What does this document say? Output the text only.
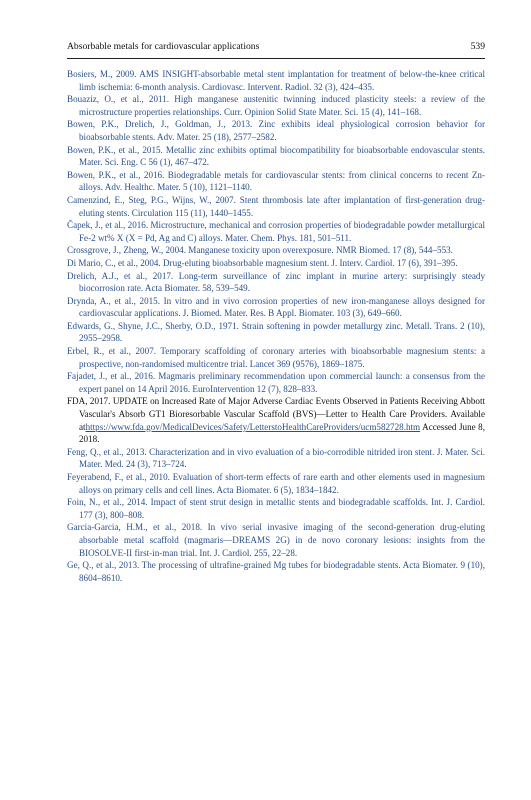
Absorbable metals for cardiovascular applications	539
Bosiers, M., 2009. AMS INSIGHT-absorbable metal stent implantation for treatment of below-the-knee critical limb ischemia: 6-month analysis. Cardiovasc. Intervent. Radiol. 32 (3), 424–435.
Bouaziz, O., et al., 2011. High manganese austenitic twinning induced plasticity steels: a review of the microstructure properties relationships. Curr. Opinion Solid State Mater. Sci. 15 (4), 141–168.
Bowen, P.K., Drelich, J., Goldman, J., 2013. Zinc exhibits ideal physiological corrosion behavior for bioabsorbable stents. Adv. Mater. 25 (18), 2577–2582.
Bowen, P.K., et al., 2015. Metallic zinc exhibits optimal biocompatibility for bioabsorbable endovascular stents. Mater. Sci. Eng. C 56 (1), 467–472.
Bowen, P.K., et al., 2016. Biodegradable metals for cardiovascular stents: from clinical concerns to recent Zn-alloys. Adv. Healthc. Mater. 5 (10), 1121–1140.
Camenzind, E., Steg, P.G., Wijns, W., 2007. Stent thrombosis late after implantation of first-generation drug-eluting stents. Circulation 115 (11), 1440–1455.
Čapek, J., et al., 2016. Microstructure, mechanical and corrosion properties of biodegradable powder metallurgical Fe-2 wt% X (X = Pd, Ag and C) alloys. Mater. Chem. Phys. 181, 501–511.
Crossgrove, J., Zheng, W., 2004. Manganese toxicity upon overexposure. NMR Biomed. 17 (8), 544–553.
Di Mario, C., et al., 2004. Drug-eluting bioabsorbable magnesium stent. J. Interv. Cardiol. 17 (6), 391–395.
Drelich, A.J., et al., 2017. Long-term surveillance of zinc implant in murine artery: surprisingly steady biocorrosion rate. Acta Biomater. 58, 539–549.
Drynda, A., et al., 2015. In vitro and in vivo corrosion properties of new iron-manganese alloys designed for cardiovascular applications. J. Biomed. Mater. Res. B Appl. Biomater. 103 (3), 649–660.
Edwards, G., Shyne, J.C., Sherby, O.D., 1971. Strain softening in powder metallurgy zinc. Metall. Trans. 2 (10), 2955–2958.
Erbel, R., et al., 2007. Temporary scaffolding of coronary arteries with bioabsorbable magnesium stents: a prospective, non-randomised multicentre trial. Lancet 369 (9576), 1869–1875.
Fajadet, J., et al., 2016. Magmaris preliminary recommendation upon commercial launch: a consensus from the expert panel on 14 April 2016. EuroIntervention 12 (7), 828–833.
FDA, 2017. UPDATE on Increased Rate of Major Adverse Cardiac Events Observed in Patients Receiving Abbott Vascular's Absorb GT1 Bioresorbable Vascular Scaffold (BVS)—Letter to Health Care Providers. Available athttps://www.fda.gov/MedicalDevices/Safety/LetterstoHealthCareProviders/ucm582728.htm Accessed June 8, 2018.
Feng, Q., et al., 2013. Characterization and in vivo evaluation of a bio-corrodible nitrided iron stent. J. Mater. Sci. Mater. Med. 24 (3), 713–724.
Feyerabend, F., et al., 2010. Evaluation of short-term effects of rare earth and other elements used in magnesium alloys on primary cells and cell lines. Acta Biomater. 6 (5), 1834–1842.
Foin, N., et al., 2014. Impact of stent strut design in metallic stents and biodegradable scaffolds. Int. J. Cardiol. 177 (3), 800–808.
Garcia-Garcia, H.M., et al., 2018. In vivo serial invasive imaging of the second-generation drug-eluting absorbable metal scaffold (magmaris—DREAMS 2G) in de novo coronary lesions: insights from the BIOSOLVE-II first-in-man trial. Int. J. Cardiol. 255, 22–28.
Ge, Q., et al., 2013. The processing of ultrafine-grained Mg tubes for biodegradable stents. Acta Biomater. 9 (10), 8604–8610.
